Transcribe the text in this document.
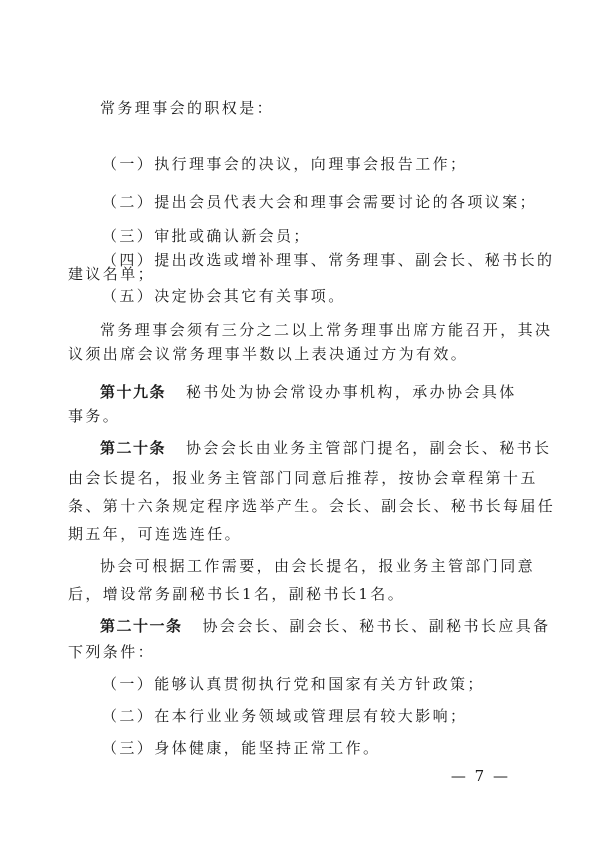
常务理事会的职权是：
（一）执行理事会的决议，向理事会报告工作；
（二）提出会员代表大会和理事会需要讨论的各项议案；
（三）审批或确认新会员；
（四）提出改选或增补理事、常务理事、副会长、秘书长的
建议名单；
（五）决定协会其它有关事项。
常务理事会须有三分之二以上常务理事出席方能召开，其决
议须出席会议常务理事半数以上表决通过方为有效。
第十九条 秘书处为协会常设办事机构，承办协会具体
事务。
第二十条 协会会长由业务主管部门提名，副会长、秘书长
由会长提名，报业务主管部门同意后推荐，按协会章程第十五
条、第十六条规定程序选举产生。会长、副会长、秘书长每届任
期五年，可连选连任。
协会可根据工作需要，由会长提名，报业务主管部门同意
后，增设常务副秘书长1名，副秘书长1名。
第二十一条 协会会长、副会长、秘书长、副秘书长应具备
下列条件：
（一）能够认真贯彻执行党和国家有关方针政策；
（二）在本行业业务领域或管理层有较大影响；
（三）身体健康，能坚持正常工作。
— 7 —
